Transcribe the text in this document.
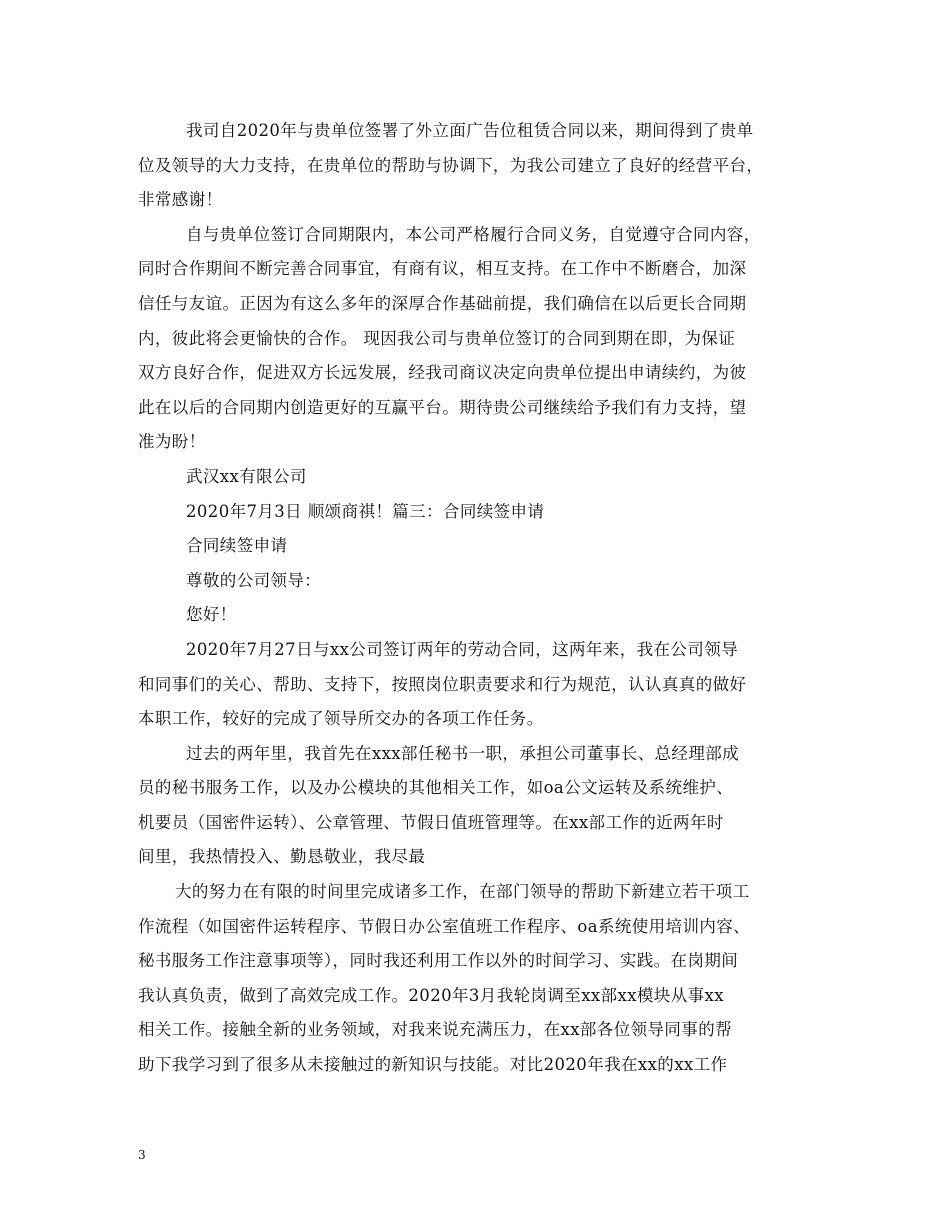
我司自2020年与贵单位签署了外立面广告位租赁合同以来，期间得到了贵单
位及领导的大力支持，在贵单位的帮助与协调下，为我公司建立了良好的经营平台，
非常感谢！
自与贵单位签订合同期限内，本公司严格履行合同义务，自觉遵守合同内容，
同时合作期间不断完善合同事宜，有商有议，相互支持。在工作中不断磨合，加深
信任与友谊。正因为有这么多年的深厚合作基础前提，我们确信在以后更长合同期
内，彼此将会更愉快的合作。 现因我公司与贵单位签订的合同到期在即，为保证
双方良好合作，促进双方长远发展，经我司商议决定向贵单位提出申请续约，为彼
此在以后的合同期内创造更好的互赢平台。期待贵公司继续给予我们有力支持，望
准为盼！
武汉xx有限公司
2020年7月3日 顺颂商祺！篇三：合同续签申请
合同续签申请
尊敬的公司领导：
您好！
2020年7月27日与xx公司签订两年的劳动合同，这两年来，我在公司领导
和同事们的关心、帮助、支持下，按照岗位职责要求和行为规范，认认真真的做好
本职工作，较好的完成了领导所交办的各项工作任务。
过去的两年里，我首先在xxx部任秘书一职，承担公司董事长、总经理部成
员的秘书服务工作，以及办公模块的其他相关工作，如oa公文运转及系统维护、
机要员（国密件运转）、公章管理、节假日值班管理等。在xx部工作的近两年时
间里，我热情投入、勤恳敬业，我尽最
大的努力在有限的时间里完成诸多工作，在部门领导的帮助下新建立若干项工
作流程（如国密件运转程序、节假日办公室值班工作程序、oa系统使用培训内容、
秘书服务工作注意事项等），同时我还利用工作以外的时间学习、实践。在岗期间
我认真负责，做到了高效完成工作。2020年3月我轮岗调至xx部xx模块从事xx
相关工作。接触全新的业务领域，对我来说充满压力，在xx部各位领导同事的帮
助下我学习到了很多从未接触过的新知识与技能。对比2020年我在xx的xx工作
3
